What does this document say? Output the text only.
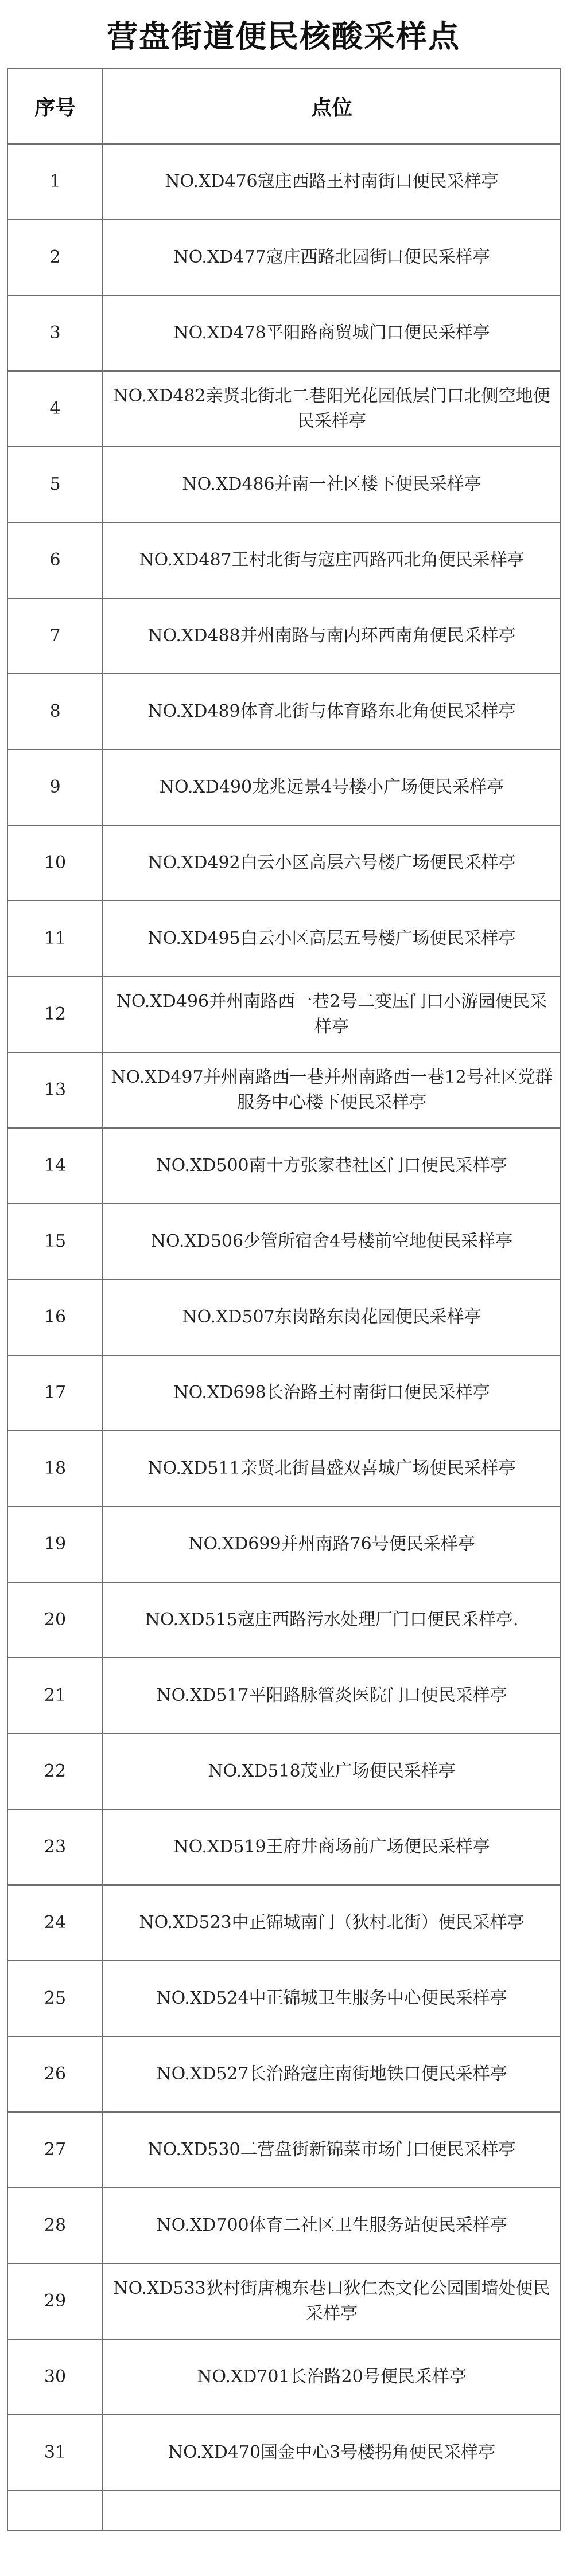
营盘街道便民核酸采样点
序号	点位
1	NO.XD476寇庄西路王村南街口便民采样亭
2	NO.XD477寇庄西路北园街口便民采样亭
3	NO.XD478平阳路商贸城门口便民采样亭
4	NO.XD482亲贤北街北二巷阳光花园低层门口北侧空地便民采样亭
5	NO.XD486并南一社区楼下便民采样亭
6	NO.XD487王村北街与寇庄西路西北角便民采样亭
7	NO.XD488并州南路与南内环西南角便民采样亭
8	NO.XD489体育北街与体育路东北角便民采样亭
9	NO.XD490龙兆远景4号楼小广场便民采样亭
10	NO.XD492白云小区高层六号楼广场便民采样亭
11	NO.XD495白云小区高层五号楼广场便民采样亭
12	NO.XD496并州南路西一巷2号二变压门口小游园便民采样亭
13	NO.XD497并州南路西一巷并州南路西一巷12号社区党群服务中心楼下便民采样亭
14	NO.XD500南十方张家巷社区门口便民采样亭
15	NO.XD506少管所宿舍4号楼前空地便民采样亭
16	NO.XD507东岗路东岗花园便民采样亭
17	NO.XD698长治路王村南街口便民采样亭
18	NO.XD511亲贤北街昌盛双喜城广场便民采样亭
19	NO.XD699并州南路76号便民采样亭
20	NO.XD515寇庄西路污水处理厂门口便民采样亭.
21	NO.XD517平阳路脉管炎医院门口便民采样亭
22	NO.XD518茂业广场便民采样亭
23	NO.XD519王府井商场前广场便民采样亭
24	NO.XD523中正锦城南门（狄村北街）便民采样亭
25	NO.XD524中正锦城卫生服务中心便民采样亭
26	NO.XD527长治路寇庄南街地铁口便民采样亭
27	NO.XD530二营盘街新锦菜市场门口便民采样亭
28	NO.XD700体育二社区卫生服务站便民采样亭
29	NO.XD533狄村街唐槐东巷口狄仁杰文化公园围墙处便民采样亭
30	NO.XD701长治路20号便民采样亭
31	NO.XD470国金中心3号楼拐角便民采样亭
